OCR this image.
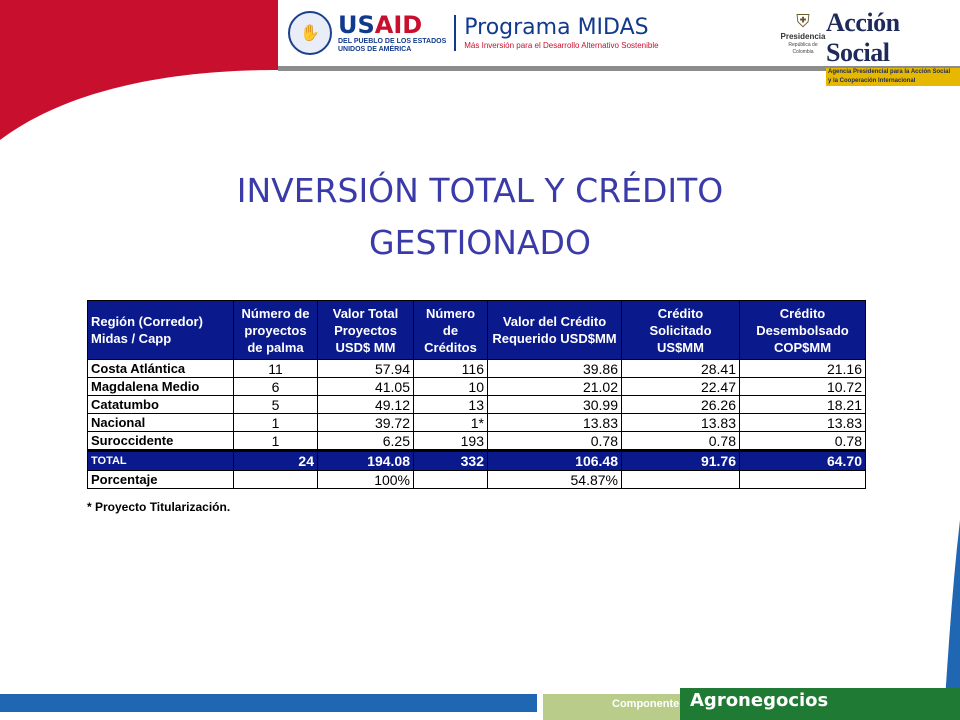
✋ USAID
DEL PUEBLO DE LOS ESTADOS
UNIDOS DE AMÉRICA
Programa MIDAS
Más Inversión para el Desarrollo Alternativo Sostenible
⛨
Presidencia
República de Colombia
Acción Social
Agencia Presidencial para la Acción Social
y la Cooperación Internacional
INVERSIÓN TOTAL Y CRÉDITO
GESTIONADO
Región (Corredor) Midas / Capp	Número de proyectos de palma	Valor Total Proyectos USD$ MM	Número de Créditos	Valor del Crédito Requerido USD$MM	Crédito Solicitado US$MM	Crédito Desembolsado COP$MM
Costa Atlántica	11	57.94	116	39.86	28.41	21.16
Magdalena Medio	6	41.05	10	21.02	22.47	10.72
Catatumbo	5	49.12	13	30.99	26.26	18.21
Nacional	1	39.72	1*	13.83	13.83	13.83
Suroccidente	1	6.25	193	0.78	0.78	0.78
TOTAL	24	194.08	332	106.48	91.76	64.70
Porcentaje		100%		54.87%		
* Proyecto Titularización.
Componente Agronegocios
